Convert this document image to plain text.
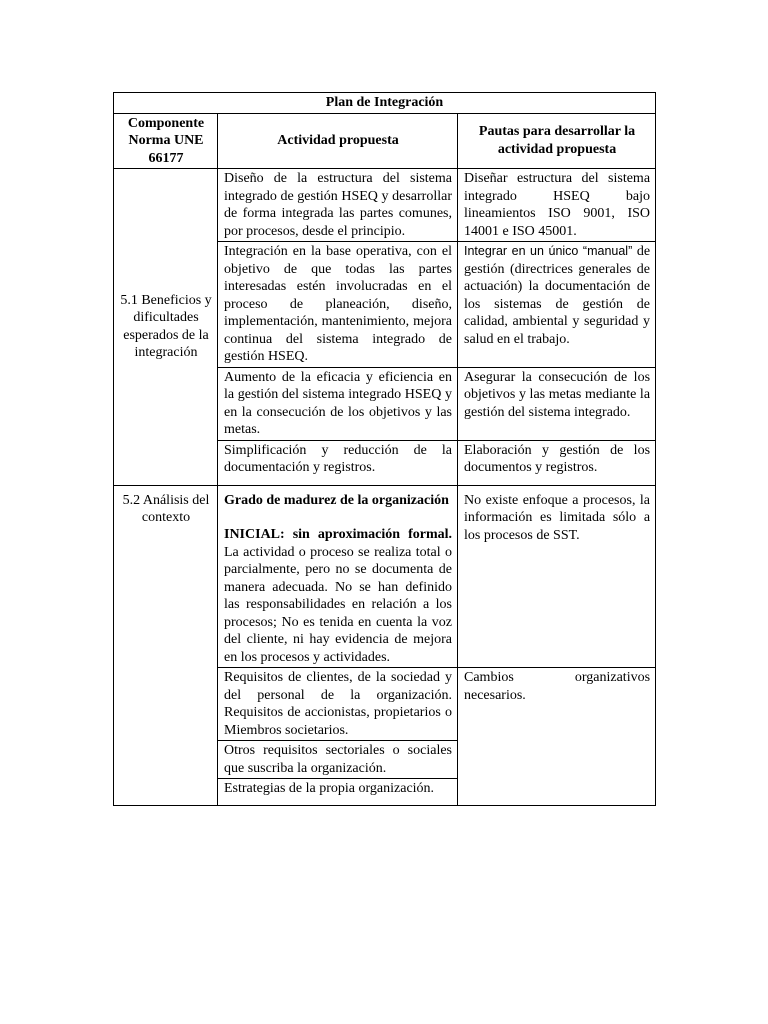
Plan de Integración		
Componente Norma UNE 66177	Actividad propuesta	Pautas para desarrollar la actividad propuesta
5.1 Beneficios y dificultades esperados de la integración	Diseño de la estructura del sistema integrado de gestión HSEQ y desarrollar de forma integrada las partes comunes, por procesos, desde el principio.	Diseñar estructura del sistema integrado HSEQ bajo lineamientos ISO 9001, ISO 14001 e ISO 45001.
	Integración en la base operativa, con el objetivo de que todas las partes interesadas estén involucradas en el proceso de planeación, diseño, implementación, mantenimiento, mejora continua del sistema integrado de gestión HSEQ.	Integrar en un único “manual” de gestión (directrices generales de actuación) la documentación de los sistemas de gestión de calidad, ambiental y seguridad y salud en el trabajo.
	Aumento de la eficacia y eficiencia en la gestión del sistema integrado HSEQ y en la consecución de los objetivos y las metas.	Asegurar la consecución de los objetivos y las metas mediante la gestión del sistema integrado.
	Simplificación y reducción de la documentación y registros.	Elaboración y gestión de los documentos y registros.
5.2 Análisis del contexto	Grado de madurez de la organización
INICIAL: sin aproximación formal. La actividad o proceso se realiza total o parcialmente, pero no se documenta de manera adecuada. No se han definido las responsabilidades en relación a los procesos; No es tenida en cuenta la voz del cliente, ni hay evidencia de mejora en los procesos y actividades.	No existe enfoque a procesos, la información es limitada sólo a los procesos de SST.
	Requisitos de clientes, de la sociedad y del personal de la organización. Requisitos de accionistas, propietarios o Miembros societarios.	Cambios organizativos necesarios.
	Otros requisitos sectoriales o sociales que suscriba la organización.	
	Estrategias de la propia organización.	
